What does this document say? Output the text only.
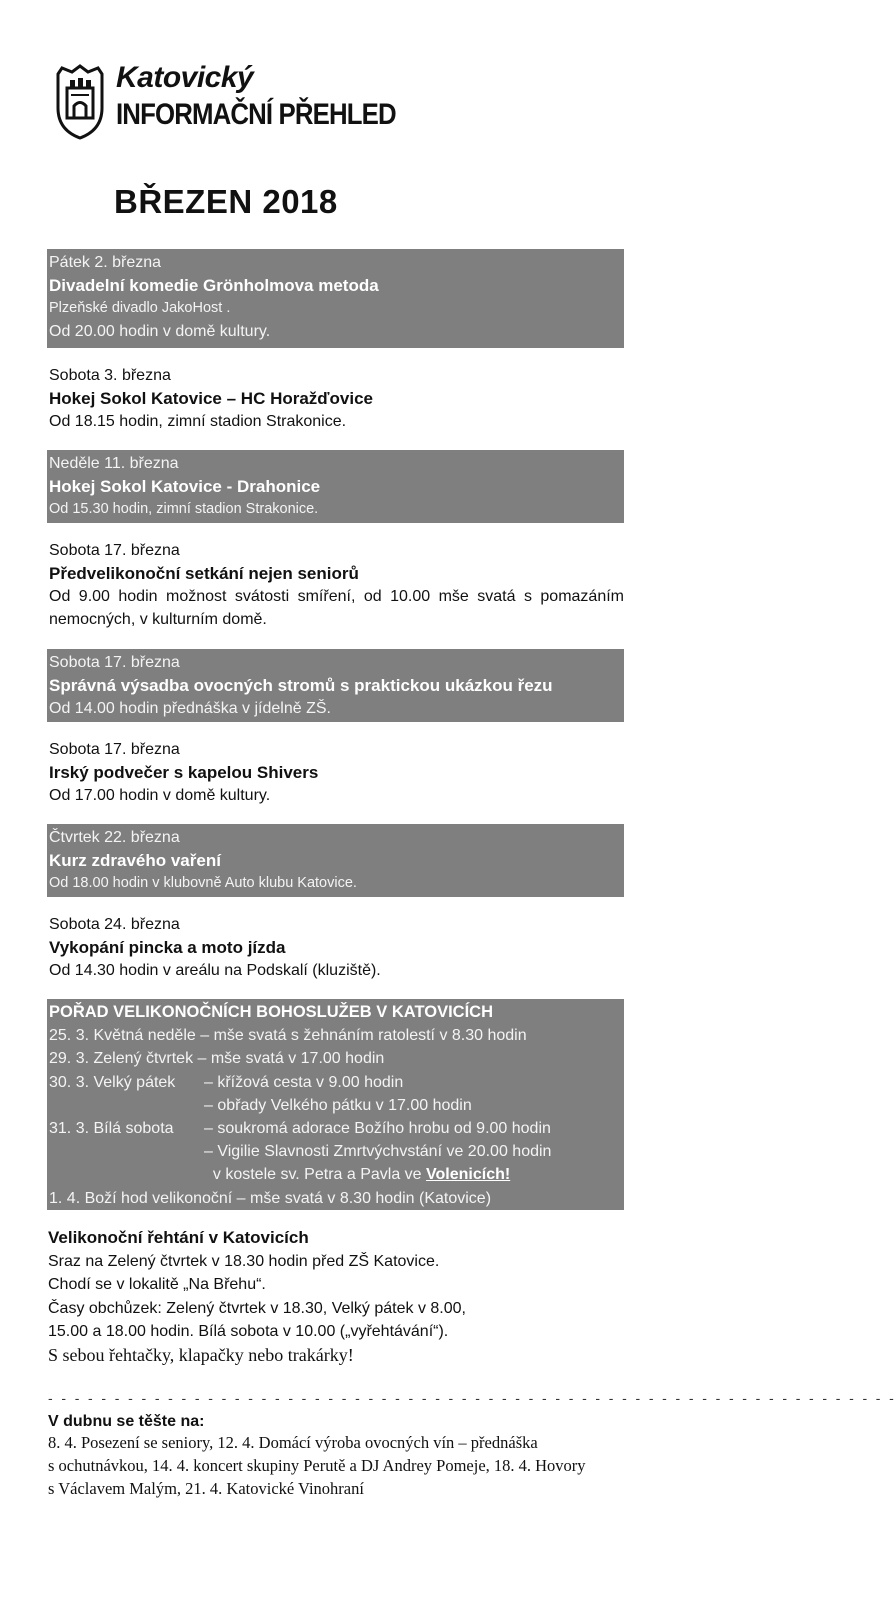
Katovický
INFORMAČNÍ PŘEHLED
BŘEZEN 2018
Pátek 2. března
Divadelní komedie Grönholmova metoda
Plzeňské divadlo JakoHost .
Od 20.00 hodin v domě kultury.
Sobota 3. března
Hokej Sokol Katovice – HC Horažďovice
Od 18.15 hodin, zimní stadion Strakonice.
Neděle 11. března
Hokej Sokol Katovice - Drahonice
Od 15.30 hodin, zimní stadion Strakonice.
Sobota 17. března
Předvelikonoční setkání nejen seniorů
Od 9.00 hodin možnost svátosti smíření, od 10.00 mše svatá s pomazáním nemocných, v kulturním domě.
Sobota 17. března
Správná výsadba ovocných stromů s praktickou ukázkou řezu
Od 14.00 hodin přednáška v jídelně ZŠ.
Sobota 17. března
Irský podvečer s kapelou Shivers
Od 17.00 hodin v domě kultury.
Čtvrtek 22. března
Kurz zdravého vaření
Od 18.00 hodin v klubovně Auto klubu Katovice.
Sobota 24. března
Vykopání pincka a moto jízda
Od 14.30 hodin v areálu na Podskalí (kluziště).
POŘAD VELIKONOČNÍCH BOHOSLUŽEB V KATOVICÍCH
25. 3. Květná neděle – mše svatá s žehnáním ratolestí v 8.30 hodin
29. 3. Zelený čtvrtek – mše svatá v 17.00 hodin
30. 3. Velký pátek – křížová cesta v 9.00 hodin
– obřady Velkého pátku v 17.00 hodin
31. 3. Bílá sobota – soukromá adorace Božího hrobu od 9.00 hodin
– Vigilie Slavnosti Zmrtvýchvstání ve 20.00 hodin
v kostele sv. Petra a Pavla ve Volenicích!
1. 4. Boží hod velikonoční – mše svatá v 8.30 hodin (Katovice)
Velikonoční řehtání v Katovicích
Sraz na Zelený čtvrtek v 18.30 hodin před ZŠ Katovice.
Chodí se v lokalitě „Na Břehu“.
Časy obchůzek: Zelený čtvrtek v 18.30, Velký pátek v 8.00,
15.00 a 18.00 hodin. Bílá sobota v 10.00 („vyřehtávání“).
S sebou řehtačky, klapačky nebo trakárky!
- - - - - - - - - - - - - - - - - - - - - - - - - - - - - - - - - - - - - - - - - - - - - - - - - - - - - - - - - - - - - - - -
V dubnu se těšte na:
8. 4. Posezení se seniory, 12. 4. Domácí výroba ovocných vín – přednáška
s ochutnávkou, 14. 4. koncert skupiny Perutě a DJ Andrey Pomeje, 18. 4. Hovory
s Václavem Malým, 21. 4. Katovické Vinohraní
